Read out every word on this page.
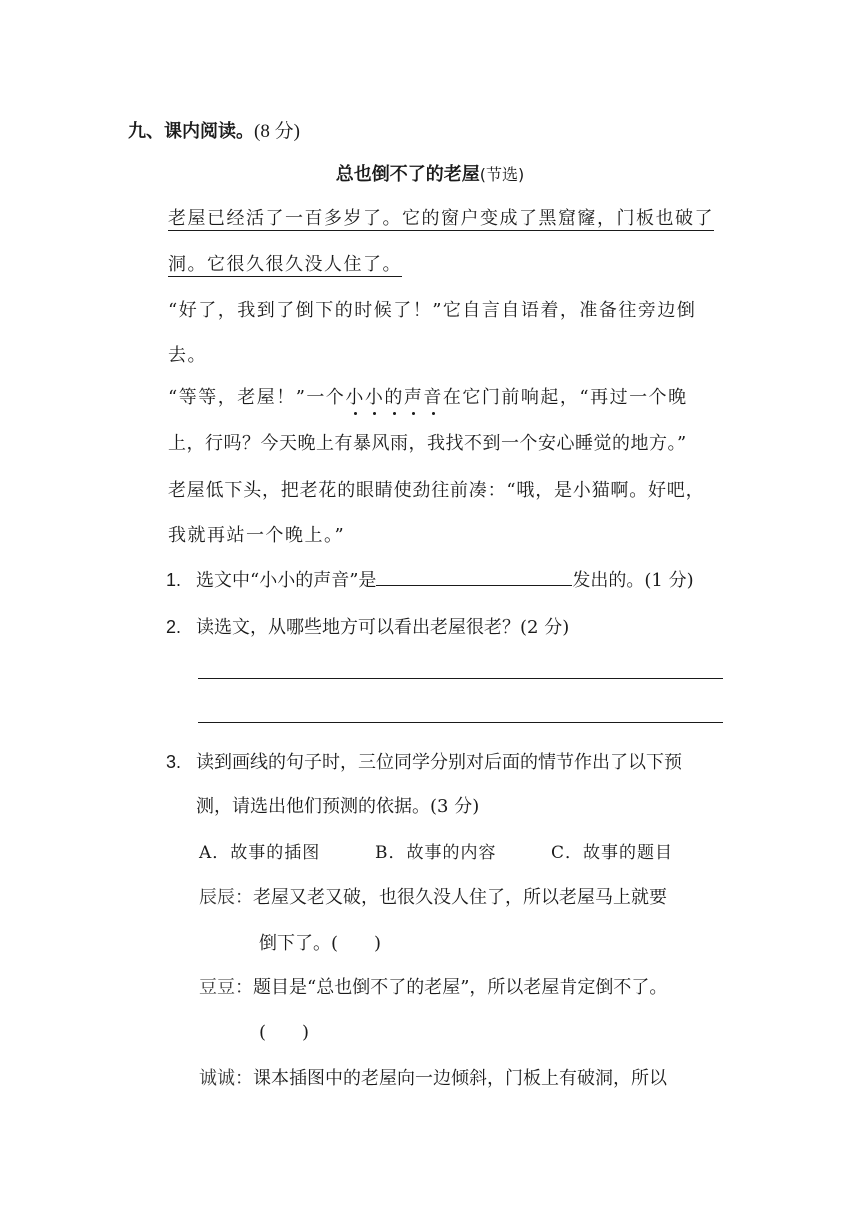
九、课内阅读。(8 分)
总也倒不了的老屋(节选)
老屋已经活了一百多岁了。它的窗户变成了黑窟窿，门板也破了
洞。它很久很久没人住了。
“好了，我到了倒下的时候了！”它自言自语着，准备往旁边倒
去。
“等等，老屋！”一个小小的声音在它门前响起，“再过一个晚
上，行吗？今天晚上有暴风雨，我找不到一个安心睡觉的地方。”
老屋低下头，把老花的眼睛使劲往前凑：“哦，是小猫啊。好吧，
我就再站一个晚上。”
1. 选文中“小小的声音”是	发出的。(1 分)
2. 读选文，从哪些地方可以看出老屋很老？(2 分)
3. 读到画线的句子时，三位同学分别对后面的情节作出了以下预
测，请选出他们预测的依据。(3 分)
A．故事的插图	B．故事的内容	C．故事的题目
辰辰：老屋又老又破，也很久没人住了，所以老屋马上就要
倒下了。(　　)
豆豆：题目是“总也倒不了的老屋”，所以老屋肯定倒不了。
(　　)
诚诚：课本插图中的老屋向一边倾斜，门板上有破洞，所以
